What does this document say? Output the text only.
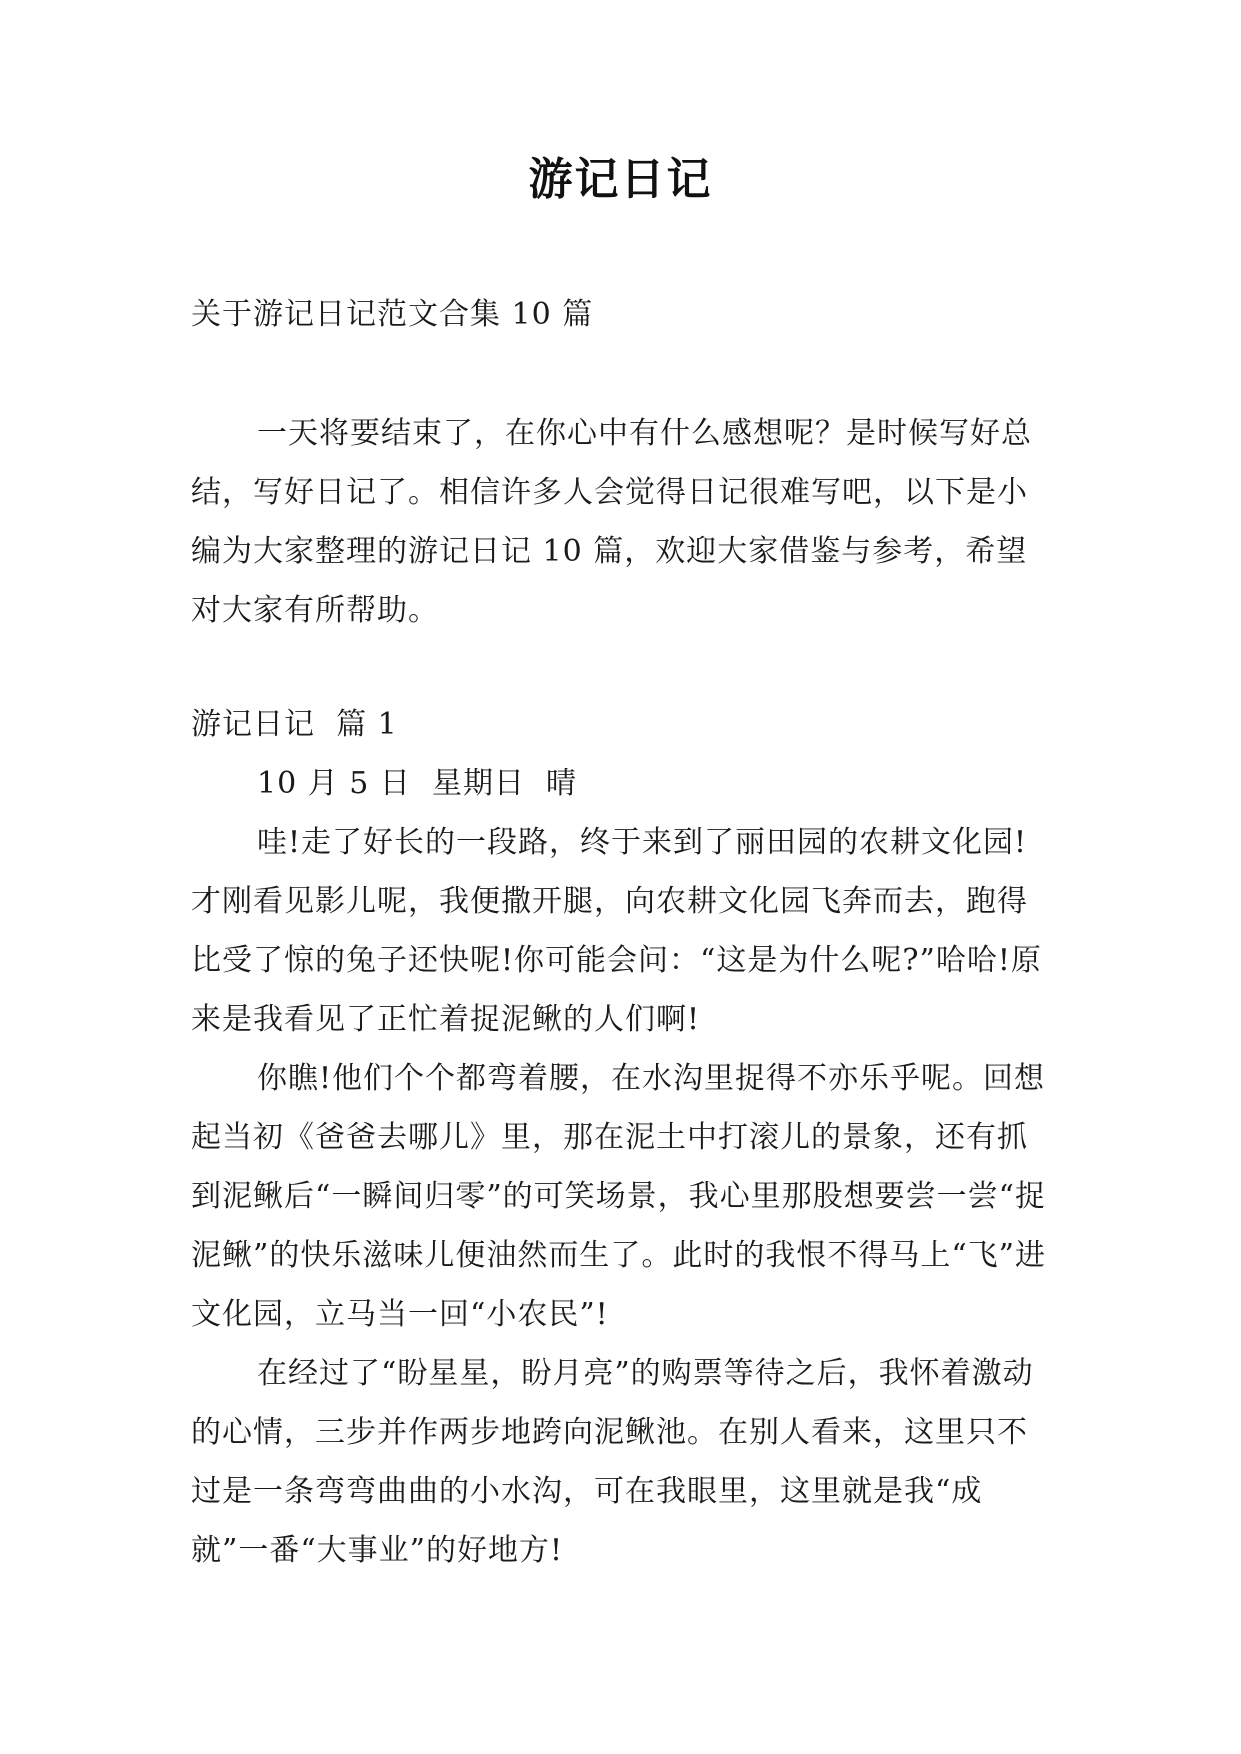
游记日记
关于游记日记范文合集 10 篇
一天将要结束了，在你心中有什么感想呢？是时候写好总结，写好日记了。相信许多人会觉得日记很难写吧，以下是小编为大家整理的游记日记 10 篇，欢迎大家借鉴与参考，希望对大家有所帮助。
游记日记  篇 1

10 月 5 日  星期日  晴

哇!走了好长的一段路，终于来到了丽田园的农耕文化园!才刚看见影儿呢，我便撒开腿，向农耕文化园飞奔而去，跑得比受了惊的兔子还快呢!你可能会问：“这是为什么呢?”哈哈!原来是我看见了正忙着捉泥鳅的人们啊!

你瞧!他们个个都弯着腰，在水沟里捉得不亦乐乎呢。回想起当初《爸爸去哪儿》里，那在泥土中打滚儿的景象，还有抓到泥鳅后“一瞬间归零”的可笑场景，我心里那股想要尝一尝“捉泥鳅”的快乐滋味儿便油然而生了。此时的我恨不得马上“飞”进文化园，立马当一回“小农民”!

在经过了“盼星星，盼月亮”的购票等待之后，我怀着激动的心情，三步并作两步地跨向泥鳅池。在别人看来，这里只不过是一条弯弯曲曲的小水沟，可在我眼里，这里就是我“成就”一番“大事业”的好地方!
